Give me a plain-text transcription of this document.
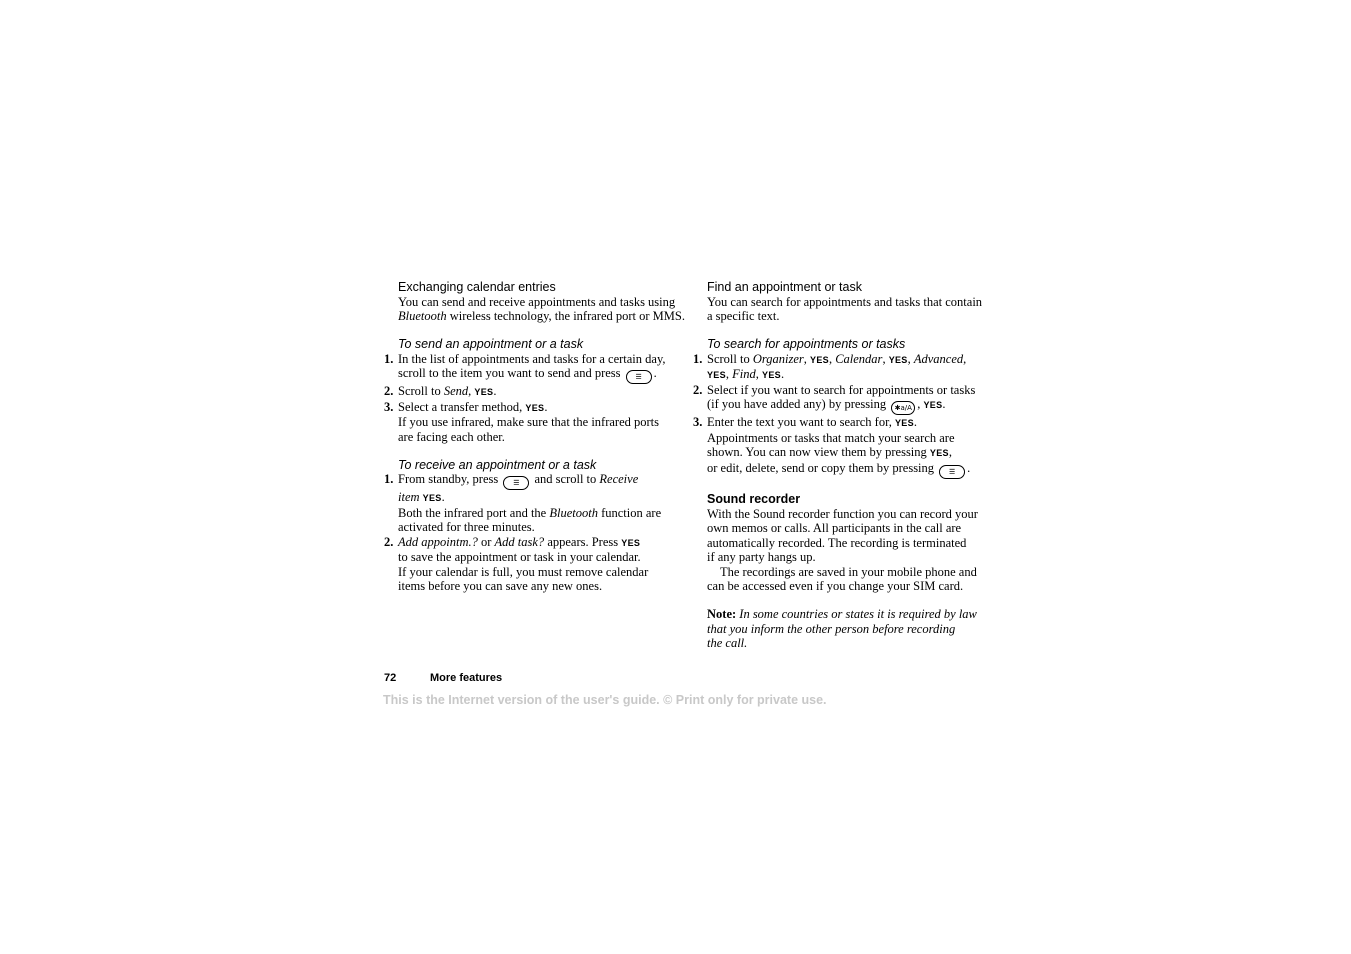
Exchanging calendar entries

You can send and receive appointments and tasks using
Bluetooth wireless technology, the infrared port or MMS.

To send an appointment or a task
1. In the list of appointments and tasks for a certain day,
scroll to the item you want to send and press ☰ .
2. Scroll to Send, YES.
3. Select a transfer method, YES.
If you use infrared, make sure that the infrared ports
are facing each other.
To receive an appointment or a task
1. From standby, press ☰ and scroll to Receive
item YES.
Both the infrared port and the Bluetooth function are
activated for three minutes.
2. Add appointm.? or Add task? appears. Press YES
to save the appointment or task in your calendar.
If your calendar is full, you must remove calendar
items before you can save any new ones.
Find an appointment or task

You can search for appointments and tasks that contain
a specific text.

To search for appointments or tasks
1. Scroll to Organizer, YES, Calendar, YES, Advanced,
YES, Find, YES.
2. Select if you want to search for appointments or tasks
(if you have added any) by pressing ✱a/A , YES.
3. Enter the text you want to search for, YES.
Appointments or tasks that match your search are
shown. You can now view them by pressing YES,
or edit, delete, send or copy them by pressing ☰ .
Sound recorder

With the Sound recorder function you can record your
own memos or calls. All participants in the call are
automatically recorded. The recording is terminated
if any party hangs up.

The recordings are saved in your mobile phone and
can be accessed even if you change your SIM card.

Note: In some countries or states it is required by law
that you inform the other person before recording
the call.

72	More features
This is the Internet version of the user's guide. © Print only for private use.
